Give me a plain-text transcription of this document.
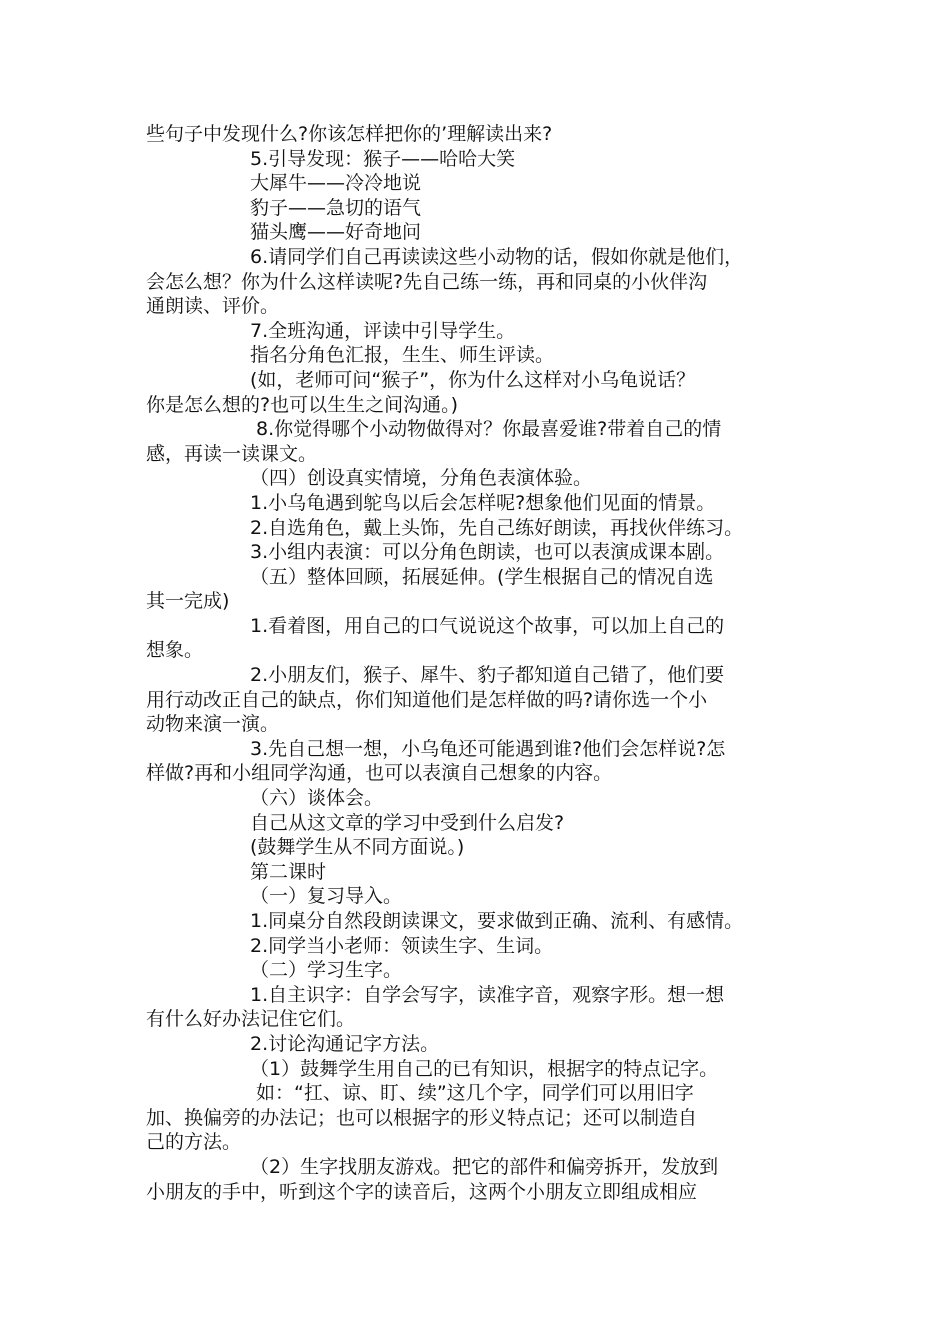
些句子中发现什么?你该怎样把你的’理解读出来?
5.引导发现：猴子——哈哈大笑
大犀牛——冷冷地说
豹子——急切的语气
猫头鹰——好奇地问
6.请同学们自己再读读这些小动物的话，假如你就是他们，
会怎么想？你为什么这样读呢?先自己练一练，再和同桌的小伙伴沟
通朗读、评价。
7.全班沟通，评读中引导学生。
指名分角色汇报，生生、师生评读。
(如，老师可问“猴子”，你为什么这样对小乌龟说话？
你是怎么想的?也可以生生之间沟通。)
8.你觉得哪个小动物做得对？你最喜爱谁?带着自己的情
感，再读一读课文。
（四）创设真实情境，分角色表演体验。
1.小乌龟遇到鸵鸟以后会怎样呢?想象他们见面的情景。
2.自选角色，戴上头饰，先自己练好朗读，再找伙伴练习。
3.小组内表演：可以分角色朗读，也可以表演成课本剧。
（五）整体回顾，拓展延伸。(学生根据自己的情况自选
其一完成)
1.看着图，用自己的口气说说这个故事，可以加上自己的
想象。
2.小朋友们，猴子、犀牛、豹子都知道自己错了，他们要
用行动改正自己的缺点，你们知道他们是怎样做的吗?请你选一个小
动物来演一演。
3.先自己想一想，小乌龟还可能遇到谁?他们会怎样说?怎
样做?再和小组同学沟通，也可以表演自己想象的内容。
（六）谈体会。
自己从这文章的学习中受到什么启发?
(鼓舞学生从不同方面说。)
第二课时
（一）复习导入。
1.同桌分自然段朗读课文，要求做到正确、流利、有感情。
2.同学当小老师：领读生字、生词。
（二）学习生字。
1.自主识字：自学会写字，读准字音，观察字形。想一想
有什么好办法记住它们。
2.讨论沟通记字方法。
（1）鼓舞学生用自己的已有知识，根据字的特点记字。
如：“扛、谅、盯、续”这几个字，同学们可以用旧字
加、换偏旁的办法记；也可以根据字的形义特点记；还可以制造自
己的方法。
（2）生字找朋友游戏。把它的部件和偏旁拆开，发放到
小朋友的手中，听到这个字的读音后，这两个小朋友立即组成相应
